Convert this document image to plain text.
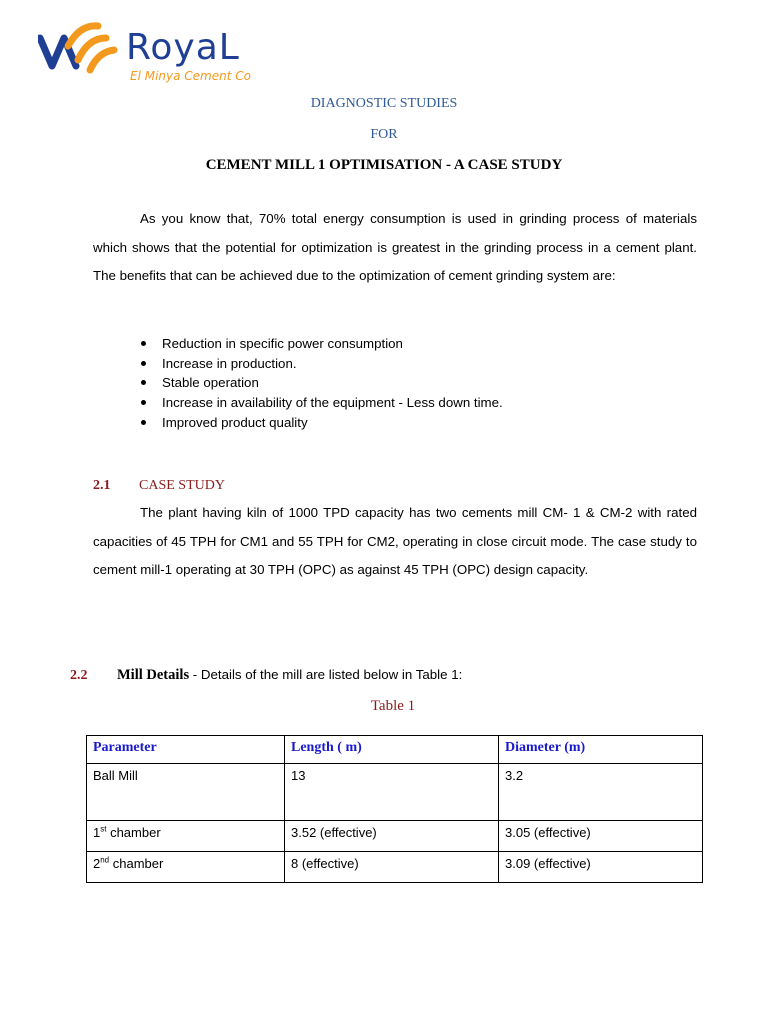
RoyaL
El Minya Cement Co
DIAGNOSTIC STUDIES
FOR
CEMENT MILL 1 OPTIMISATION - A CASE STUDY

As you know that, 70% total energy consumption is used in grinding process of materials which shows that the potential for optimization is greatest in the grinding process in a cement plant. The benefits that can be achieved due to the optimization of cement grinding system are:

Reduction in specific power consumption
Increase in production.
Stable operation
Increase in availability of the equipment - Less down time.
Improved product quality
2.1 CASE STUDY

The plant having kiln of 1000 TPD capacity has two cements mill CM- 1 & CM-2 with rated capacities of 45 TPH for CM1 and 55 TPH for CM2, operating in close circuit mode. The case study to cement mill-1 operating at 30 TPH (OPC) as against 45 TPH (OPC) design capacity.

2.2 Mill Details - Details of the mill are listed below in Table 1:
Table 1
Parameter	Length ( m)	Diameter (m)
Ball Mill	13	3.2
1st chamber	3.52 (effective)	3.05 (effective)
2nd chamber	8 (effective)	3.09 (effective)
